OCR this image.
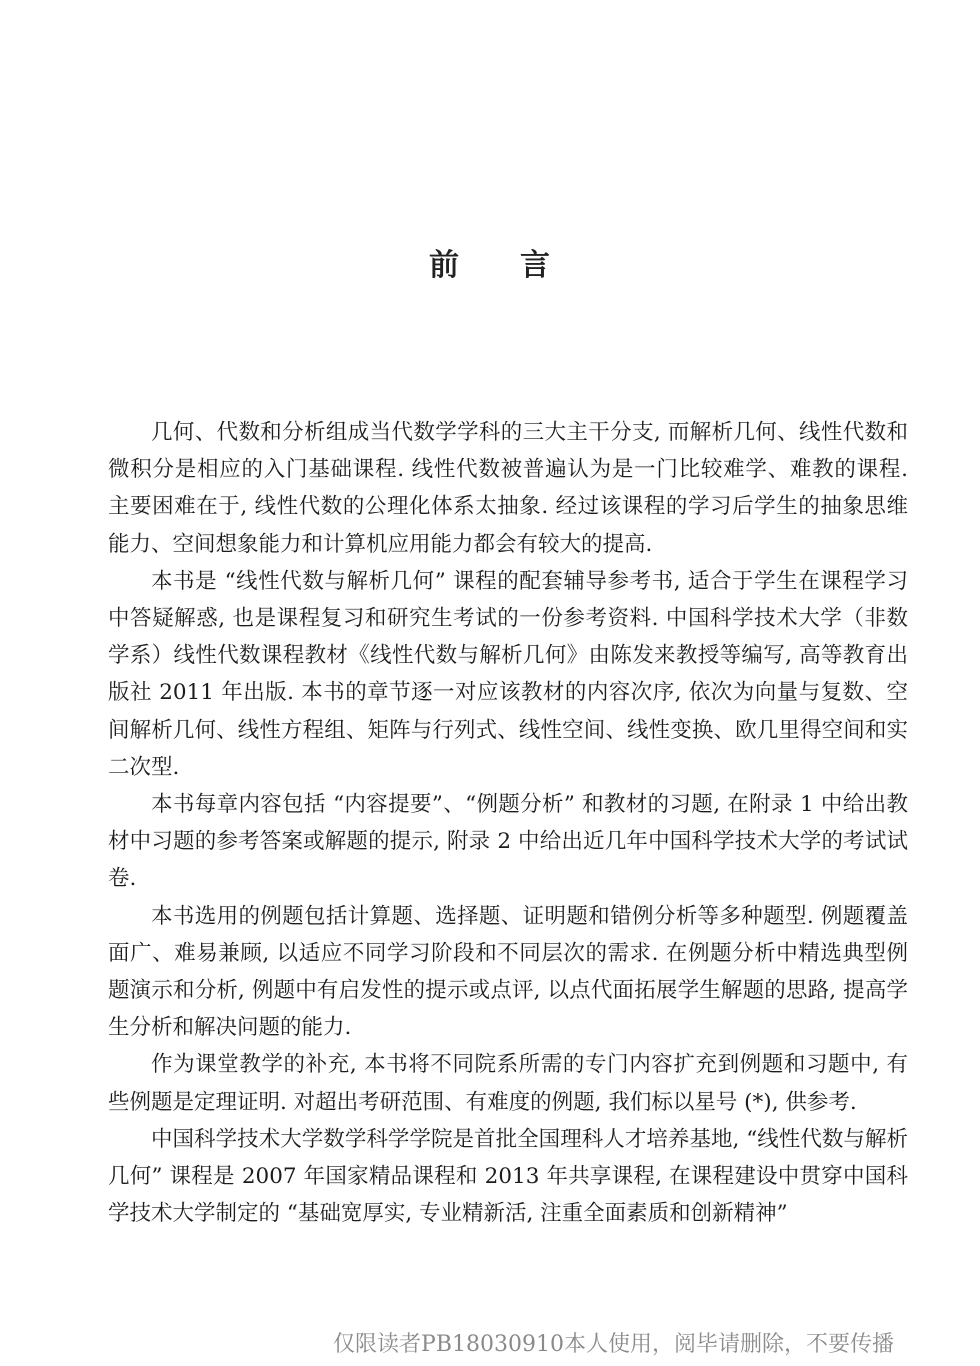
前 言

几何、代数和分析组成当代数学学科的三大主干分支, 而解析几何、线性代数和微积分是相应的入门基础课程. 线性代数被普遍认为是一门比较难学、难教的课程. 主要困难在于, 线性代数的公理化体系太抽象. 经过该课程的学习后学生的抽象思维能力、空间想象能力和计算机应用能力都会有较大的提高.

本书是 “线性代数与解析几何” 课程的配套辅导参考书, 适合于学生在课程学习中答疑解惑, 也是课程复习和研究生考试的一份参考资料. 中国科学技术大学（非数学系）线性代数课程教材《线性代数与解析几何》由陈发来教授等编写, 高等教育出版社 2011 年出版. 本书的章节逐一对应该教材的内容次序, 依次为向量与复数、空间解析几何、线性方程组、矩阵与行列式、线性空间、线性变换、欧几里得空间和实二次型.

本书每章内容包括 “内容提要”、“例题分析” 和教材的习题, 在附录 1 中给出教材中习题的参考答案或解题的提示, 附录 2 中给出近几年中国科学技术大学的考试试卷.

本书选用的例题包括计算题、选择题、证明题和错例分析等多种题型. 例题覆盖面广、难易兼顾, 以适应不同学习阶段和不同层次的需求. 在例题分析中精选典型例题演示和分析, 例题中有启发性的提示或点评, 以点代面拓展学生解题的思路, 提高学生分析和解决问题的能力.

作为课堂教学的补充, 本书将不同院系所需的专门内容扩充到例题和习题中, 有些例题是定理证明. 对超出考研范围、有难度的例题, 我们标以星号 (*), 供参考.

中国科学技术大学数学科学学院是首批全国理科人才培养基地, “线性代数与解析几何” 课程是 2007 年国家精品课程和 2013 年共享课程, 在课程建设中贯穿中国科学技术大学制定的 “基础宽厚实, 专业精新活, 注重全面素质和创新精神”

仅限读者PB18030910本人使用，阅毕请删除，不要传播
